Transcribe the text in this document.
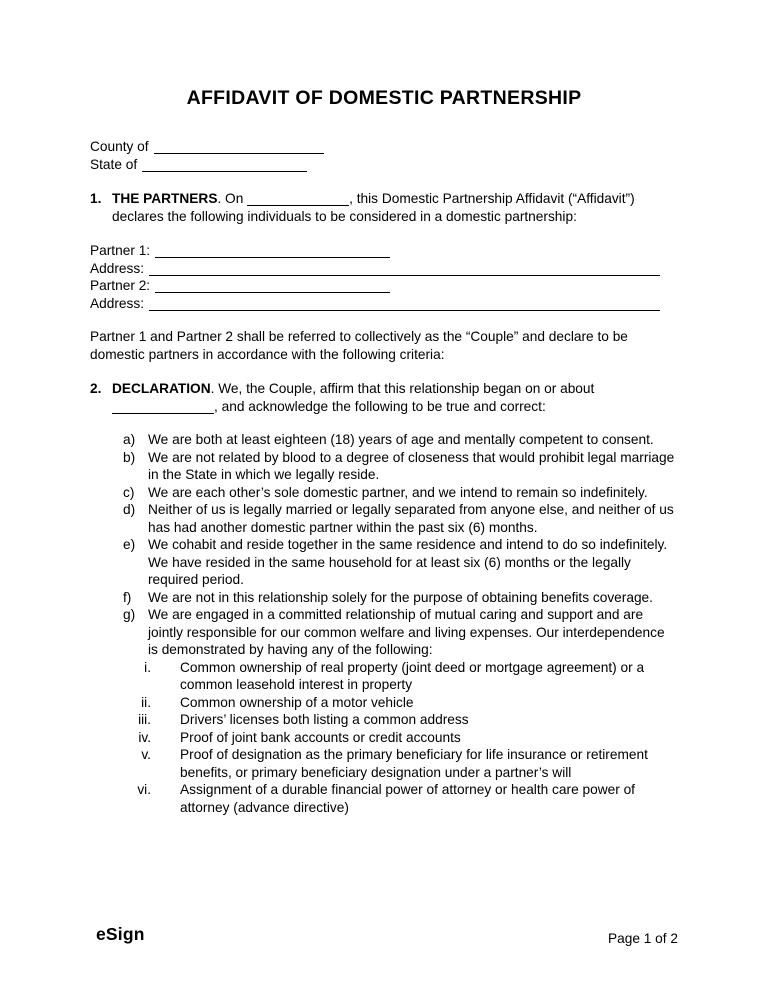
AFFIDAVIT OF DOMESTIC PARTNERSHIP
County of
State of
1. THE PARTNERS. On	, this Domestic Partnership Affidavit (“Affidavit”) declares the following individuals to be considered in a domestic partnership:
Partner 1:
Address:
Partner 2:
Address:

Partner 1 and Partner 2 shall be referred to collectively as the “Couple” and declare to be domestic partners in accordance with the following criteria:

2. DECLARATION. We, the Couple, affirm that this relationship began on or about , and acknowledge the following to be true and correct:
a) We are both at least eighteen (18) years of age and mentally competent to consent.
b) We are not related by blood to a degree of closeness that would prohibit legal marriage in the State in which we legally reside.
c) We are each other’s sole domestic partner, and we intend to remain so indefinitely.
d) Neither of us is legally married or legally separated from anyone else, and neither of us has had another domestic partner within the past six (6) months.
e) We cohabit and reside together in the same residence and intend to do so indefinitely. We have resided in the same household for at least six (6) months or the legally required period.
f) We are not in this relationship solely for the purpose of obtaining benefits coverage.
g) We are engaged in a committed relationship of mutual caring and support and are jointly responsible for our common welfare and living expenses. Our interdependence is demonstrated by having any of the following:
i. Common ownership of real property (joint deed or mortgage agreement) or a common leasehold interest in property
ii. Common ownership of a motor vehicle
iii. Drivers’ licenses both listing a common address
iv. Proof of joint bank accounts or credit accounts
v. Proof of designation as the primary beneficiary for life insurance or retirement benefits, or primary beneficiary designation under a partner’s will
vi. Assignment of a durable financial power of attorney or health care power of attorney (advance directive)
eSign	Page 1 of 2
